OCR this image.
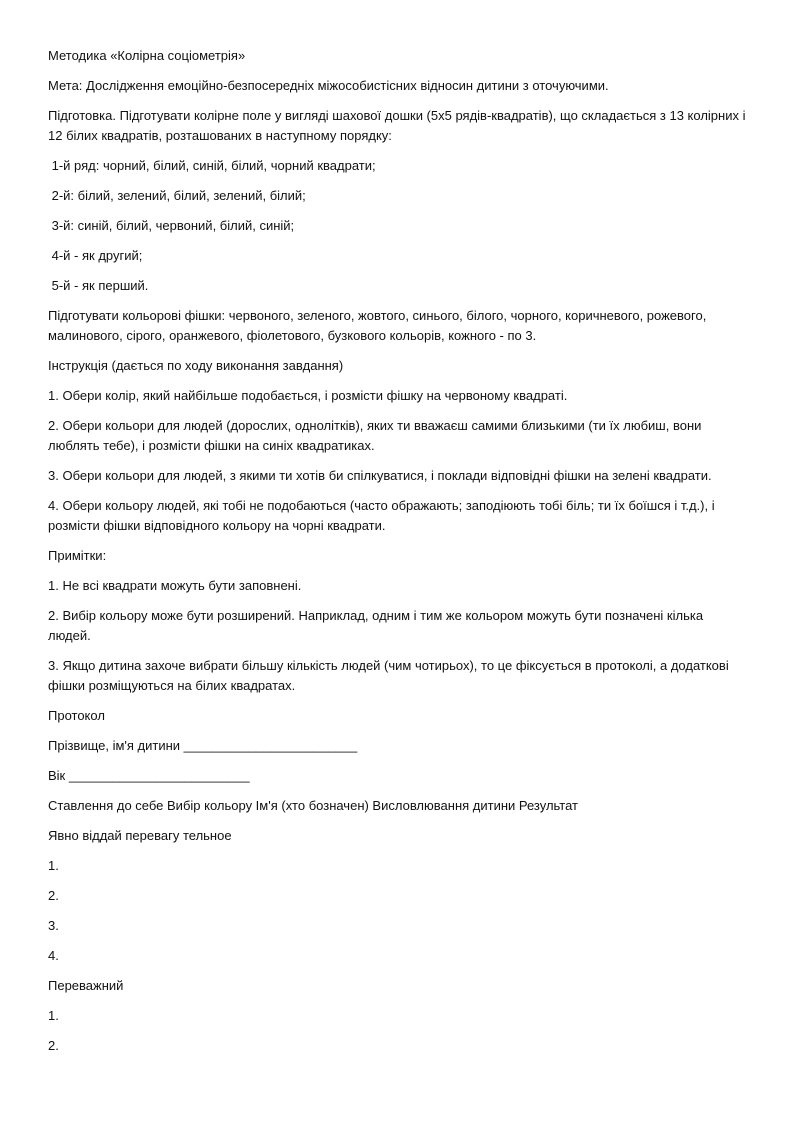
Методика «Колірна соціометрія»

Мета: Дослідження емоційно-безпосередніх міжособистісних відносин дитини з оточуючими.

Підготовка. Підготувати колірне поле у вигляді шахової дошки (5х5 рядів-квадратів), що складається з 13 колірних і 12 білих квадратів, розташованих в наступному порядку:

1-й ряд: чорний, білий, синій, білий, чорний квадрати;

2-й: білий, зелений, білий, зелений, білий;

3-й: синій, білий, червоний, білий, синій;

4-й - як другий;

5-й - як перший.

Підготувати кольорові фішки: червоного, зеленого, жовтого, синього, білого, чорного, коричневого, рожевого, малинового, сірого, оранжевого, фіолетового, бузкового кольорів, кожного - по 3.

Інструкція (дається по ходу виконання завдання)

1. Обери колір, який найбільше подобається, і розмісти фішку на червоному квадраті.

2. Обери кольори для людей (дорослих, однолітків), яких ти вважаєш самими близькими (ти їх любиш, вони люблять тебе), і розмісти фішки на синіх квадратиках.

3. Обери кольори для людей, з якими ти хотів би спілкуватися, і поклади відповідні фішки на зелені квадрати.

4. Обери кольору людей, які тобі не подобаються (часто ображають; заподіюють тобі біль; ти їх боїшся і т.д.), і розмісти фішки відповідного кольору на чорні квадрати.

Примітки:

1. Не всі квадрати можуть бути заповнені.

2. Вибір кольору може бути розширений. Наприклад, одним і тим же кольором можуть бути позначені кілька людей.

3. Якщо дитина захоче вибрати більшу кількість людей (чим чотирьох), то це фіксується в протоколі, а додаткові фішки розміщуються на білих квадратах.

Протокол

Прізвище, ім'я дитини ________________________

Вік _________________________

Ставлення до себе Вибір кольору Ім'я (хто бозначен) Висловлювання дитини Результат

Явно віддай перевагу тельное

1.

2.

3.

4.

Переважний

1.

2.
